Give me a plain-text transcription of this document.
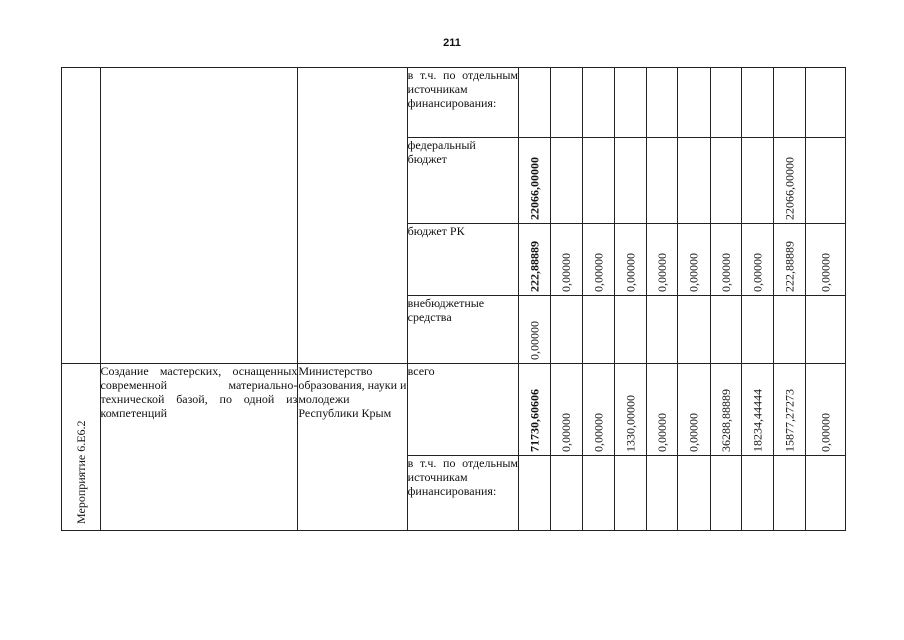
211
			в т.ч. по отдельным источникам финансирования:										
			федеральный бюджет	22066,00000								22066,00000	

			бюджет РК	222,88889	0,00000	0,00000	0,00000	0,00000	0,00000	0,00000	0,00000	222,88889	0,00000

			внебюджетные средства	0,00000									

Мероприятие 6.Е6.2	Создание мастерских, оснащенных современной материально-технической базой, по одной из компетенций	Министерство образования, науки и молодежи Республики Крым	всего	71730,60606	0,00000	0,00000	1330,00000	0,00000	0,00000	36288,88889	18234,44444	15877,27273	0,00000

			в т.ч. по отдельным источникам финансирования:										
